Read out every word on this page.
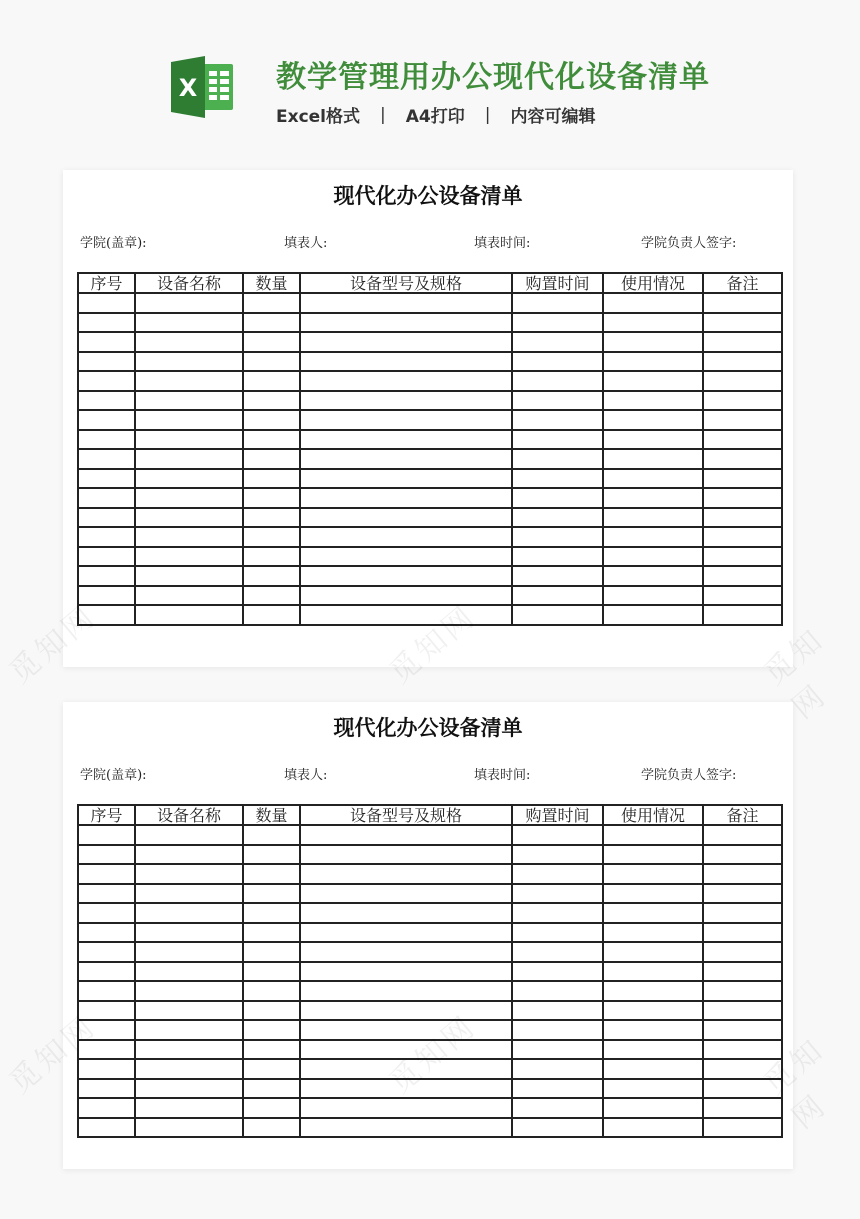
X	教学管理用办公现代化设备清单
Excel格式 | A4打印 | 内容可编辑
现代化办公设备清单
学院(盖章):	填表人:	填表时间:	学院负责人签字:
序号	设备名称	数量	设备型号及规格	购置时间	使用情况	备注

现代化办公设备清单
学院(盖章):	填表人:	填表时间:	学院负责人签字:
序号	设备名称	数量	设备型号及规格	购置时间	使用情况	备注

觅知网	觅知网
觅知网	觅知网
